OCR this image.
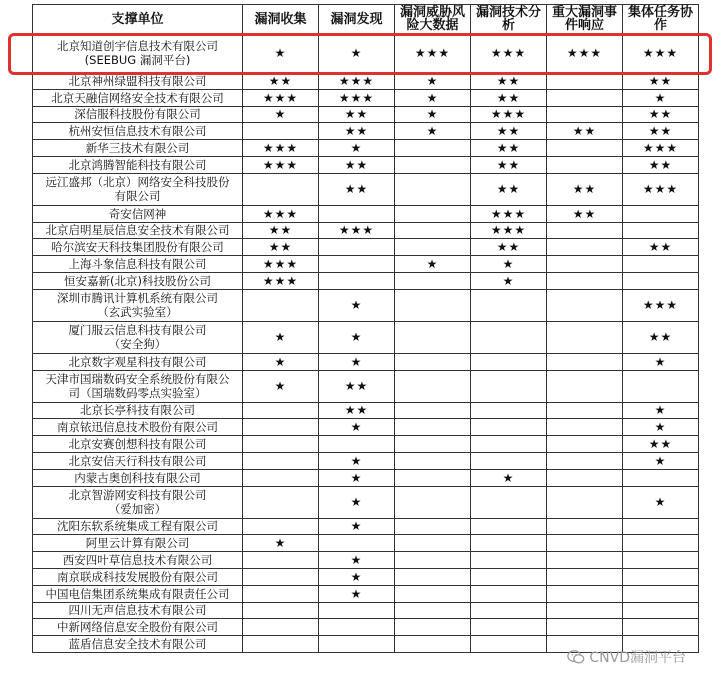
支撑单位	漏洞收集	漏洞发现	漏洞威胁风险大数据	漏洞技术分析	重大漏洞事件响应	集体任务协作

北京知道创宇信息技术有限公司
(SEEBUG 漏洞平台)	★	★	★★★	★★★	★★★	★★★

北京神州绿盟科技有限公司	★★	★★★	★	★★		★★

北京天融信网络安全技术有限公司	★★★	★★★	★	★★		★

深信服科技股份有限公司	★	★★	★	★★★		★★

杭州安恒信息技术有限公司		★★	★	★★	★★	★★

新华三技术有限公司	★★★	★		★★		★★★

北京鸿腾智能科技有限公司	★★★	★★		★★		★★

远江盛邦（北京）网络安全科技股份
有限公司		★★		★★	★★	★★★

奇安信网神	★★★			★★★	★★	

北京启明星辰信息安全技术有限公司	★★	★★★		★★★		

哈尔滨安天科技集团股份有限公司	★★			★★		★★

上海斗象信息科技有限公司	★★★		★	★		

恒安嘉新(北京)科技股份公司	★★★			★		

深圳市腾讯计算机系统有限公司
（玄武实验室）		★				★★★

厦门服云信息科技有限公司
（安全狗）	★	★				★★

北京数字观星科技有限公司	★	★				★

天津市国瑞数码安全系统股份有限公
司（国瑞数码零点实验室）	★	★★				

北京长亭科技有限公司		★★				★

南京铱迅信息技术股份有限公司		★				★

北京安赛创想科技有限公司						★★

北京安信天行科技有限公司		★				★

内蒙古奥创科技有限公司		★		★		

北京智游网安科技有限公司
（爱加密）		★				★

沈阳东软系统集成工程有限公司		★				

阿里云计算有限公司	★					

西安四叶草信息技术有限公司		★				

南京联成科技发展股份有限公司		★				

中国电信集团系统集成有限责任公司		★				

四川无声信息技术有限公司						

中新网络信息安全股份有限公司						

蓝盾信息安全技术有限公司						

CNVD漏洞平台
